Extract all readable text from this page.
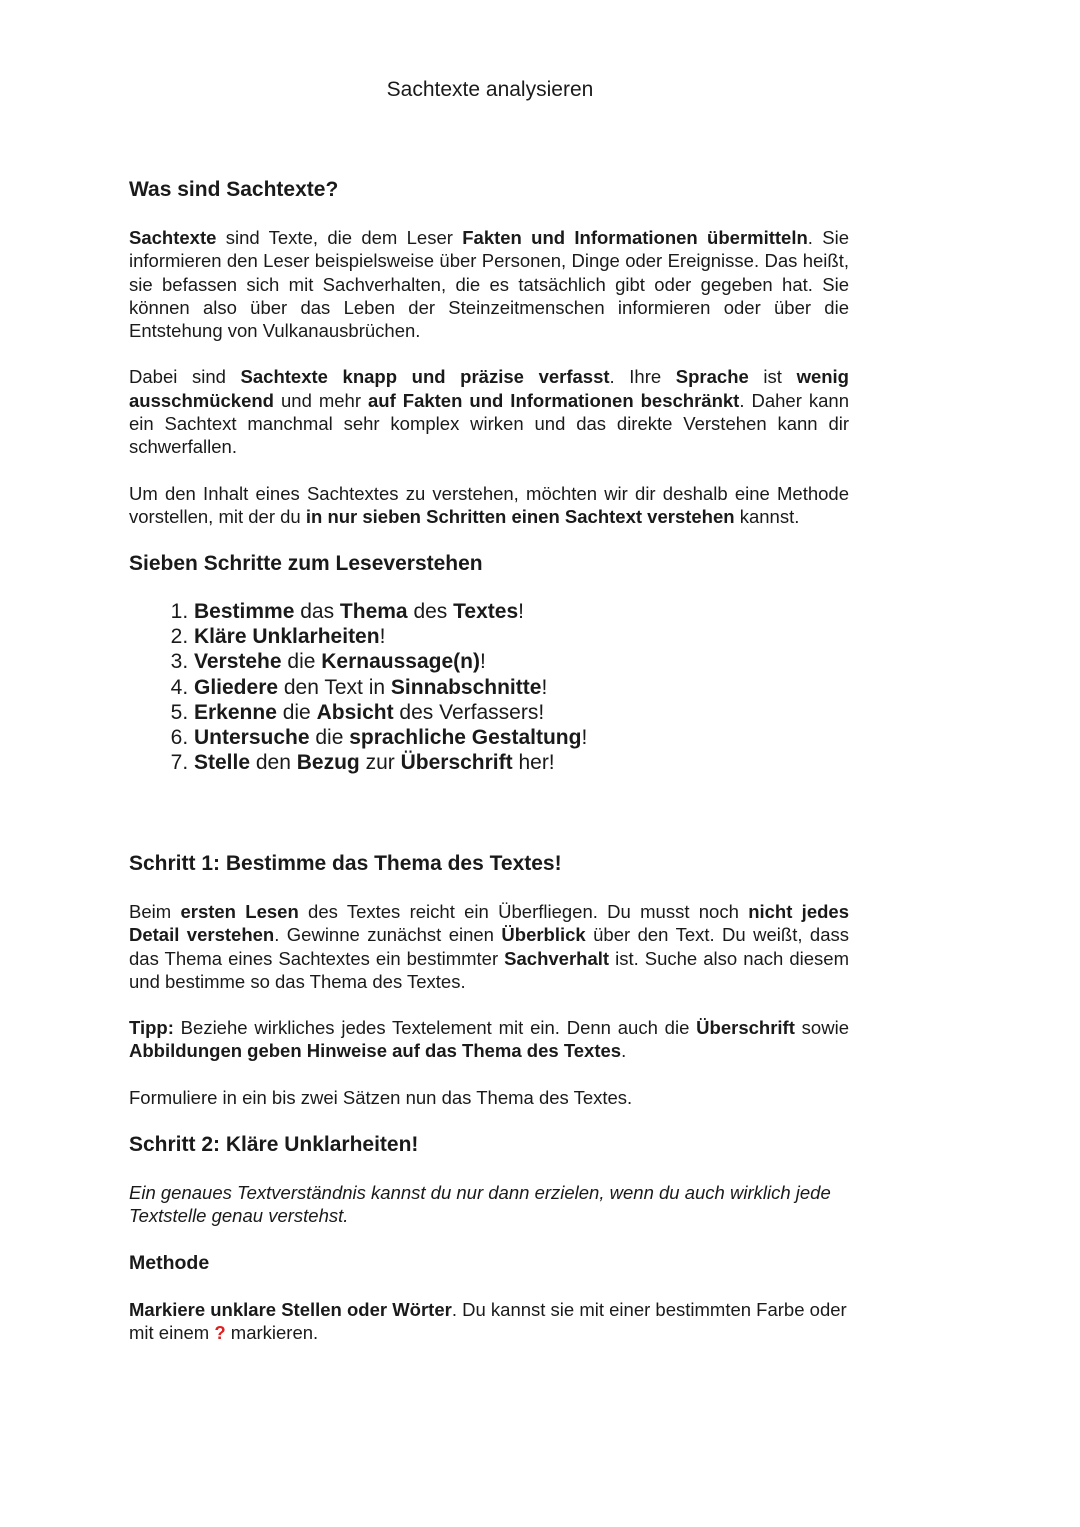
Sachtexte analysieren
Was sind Sachtexte?
Sachtexte sind Texte, die dem Leser Fakten und Informationen übermitteln. Sie informieren den Leser beispielsweise über Personen, Dinge oder Ereignisse. Das heißt, sie befassen sich mit Sachverhalten, die es tatsächlich gibt oder gegeben hat. Sie können also über das Leben der Steinzeitmenschen informieren oder über die Entstehung von Vulkanausbrüchen.
Dabei sind Sachtexte knapp und präzise verfasst. Ihre Sprache ist wenig ausschmückend und mehr auf Fakten und Informationen beschränkt. Daher kann ein Sachtext manchmal sehr komplex wirken und das direkte Verstehen kann dir schwerfallen.
Um den Inhalt eines Sachtextes zu verstehen, möchten wir dir deshalb eine Methode vorstellen, mit der du in nur sieben Schritten einen Sachtext verstehen kannst.
Sieben Schritte zum Leseverstehen
1. Bestimme das Thema des Textes!
2. Kläre Unklarheiten!
3. Verstehe die Kernaussage(n)!
4. Gliedere den Text in Sinnabschnitte!
5. Erkenne die Absicht des Verfassers!
6. Untersuche die sprachliche Gestaltung!
7. Stelle den Bezug zur Überschrift her!
Schritt 1: Bestimme das Thema des Textes!
Beim ersten Lesen des Textes reicht ein Überfliegen. Du musst noch nicht jedes Detail verstehen. Gewinne zunächst einen Überblick über den Text. Du weißt, dass das Thema eines Sachtextes ein bestimmter Sachverhalt ist. Suche also nach diesem und bestimme so das Thema des Textes.
Tipp: Beziehe wirkliches jedes Textelement mit ein. Denn auch die Überschrift sowie Abbildungen geben Hinweise auf das Thema des Textes.
Formuliere in ein bis zwei Sätzen nun das Thema des Textes.
Schritt 2: Kläre Unklarheiten!
Ein genaues Textverständnis kannst du nur dann erzielen, wenn du auch wirklich jede Textstelle genau verstehst.
Methode
Markiere unklare Stellen oder Wörter. Du kannst sie mit einer bestimmten Farbe oder mit einem ? markieren.
